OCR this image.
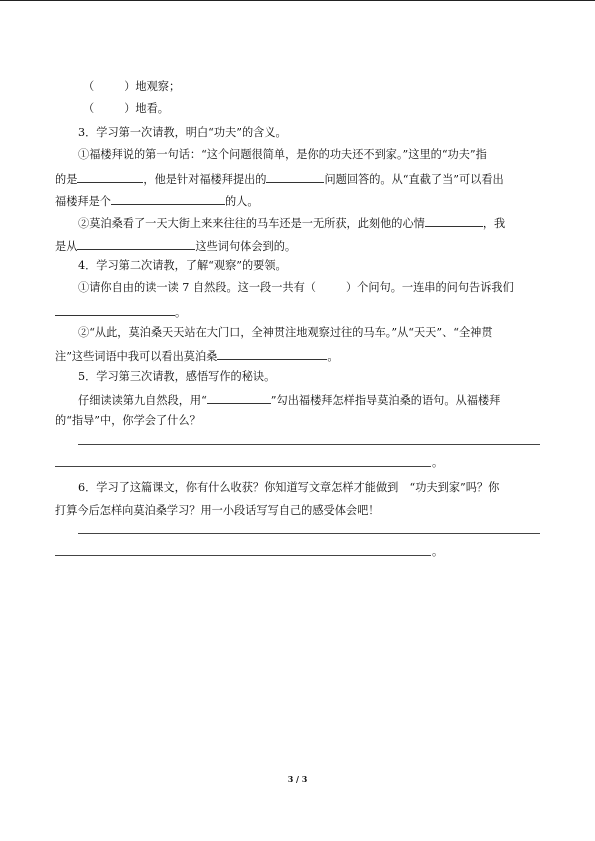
（	）地观察；
（	）地看。
3．学习第一次请教，明白“功夫”的含义。
①福楼拜说的第一句话：“这个问题很简单，是你的功夫还不到家。”这里的“功夫”指
的是	，他是针对福楼拜提出的	问题回答的。从“直截了当”可以看出
福楼拜是个	的人。
②莫泊桑看了一天大街上来来往往的马车还是一无所获，此刻他的心情	，我
是从	这些词句体会到的。
4．学习第二次请教，了解“观察”的要领。
①请你自由的读一读 7 自然段。这一段一共有（	）个问句。一连串的问句告诉我们
。
②“从此，莫泊桑天天站在大门口，全神贯注地观察过往的马车。”从“天天”、“全神贯
注”这些词语中我可以看出莫泊桑	。
5．学习第三次请教，感悟写作的秘诀。
仔细读读第九自然段，用“	”勾出福楼拜怎样指导莫泊桑的语句。从福楼拜
的“指导”中，你学会了什么？
。
6．学习了这篇课文，你有什么收获？你知道写文章怎样才能做到　“功夫到家”吗？你
打算今后怎样向莫泊桑学习？用一小段话写写自己的感受体会吧！
。
3 / 3
